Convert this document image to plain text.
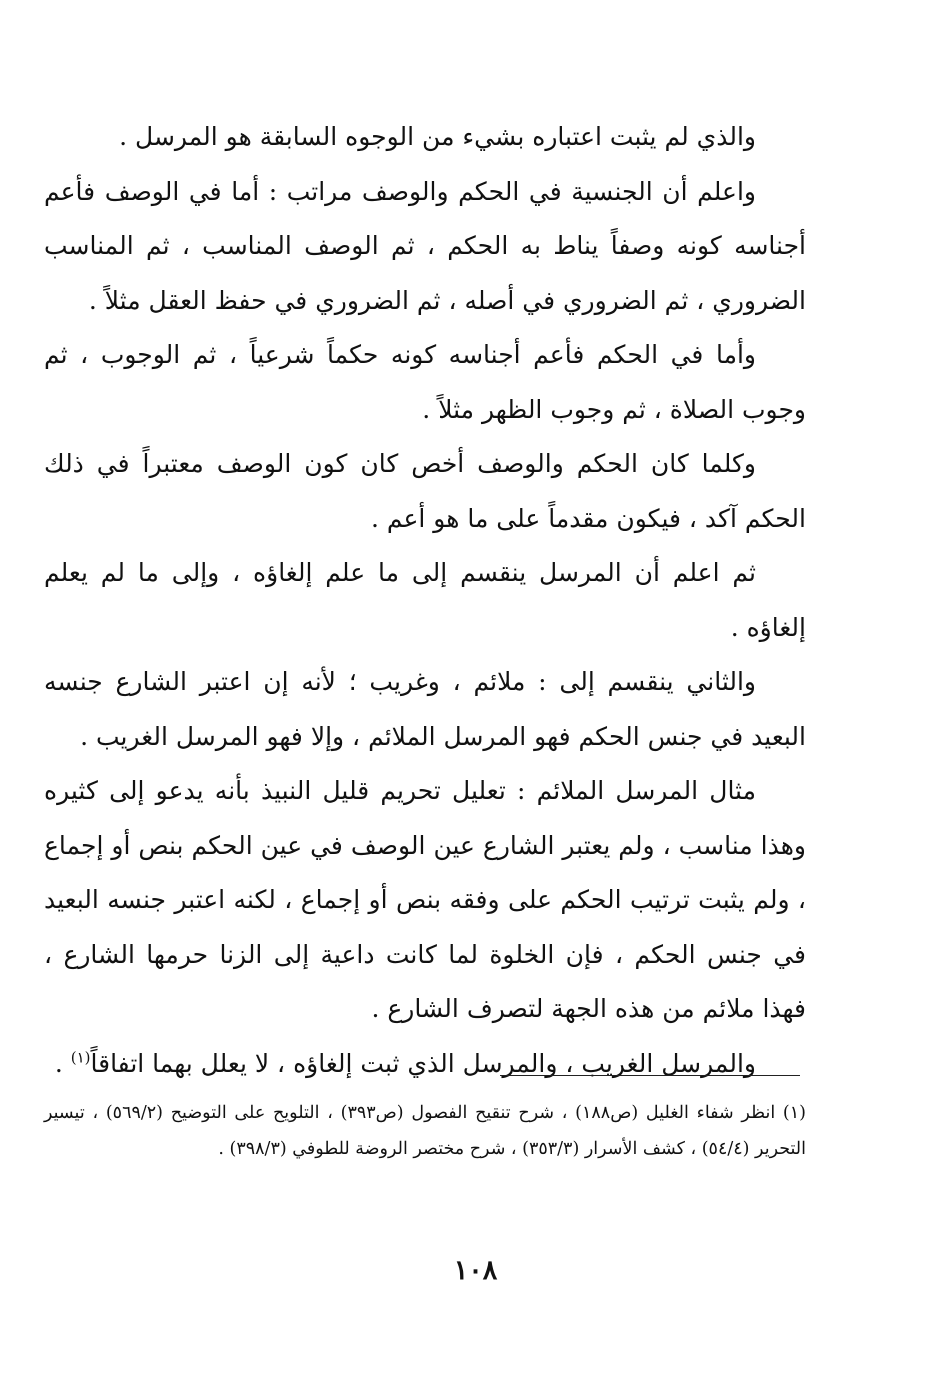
والذي لم يثبت اعتباره بشيء من الوجوه السابقة هو المرسل .

واعلم أن الجنسية في الحكم والوصف مراتب : أما في الوصف فأعم أجناسه كونه وصفاً يناط به الحكم ، ثم الوصف المناسب ، ثم المناسب الضروري ، ثم الضروري في أصله ، ثم الضروري في حفظ العقل مثلاً .

وأما في الحكم فأعم أجناسه كونه حكماً شرعياً ، ثم الوجوب ، ثم وجوب الصلاة ، ثم وجوب الظهر مثلاً .

وكلما كان الحكم والوصف أخص كان كون الوصف معتبراً في ذلك الحكم آكد ، فيكون مقدماً على ما هو أعم .

ثم اعلم أن المرسل ينقسم إلى ما علم إلغاؤه ، وإلى ما لم يعلم إلغاؤه .

والثاني ينقسم إلى : ملائم ، وغريب ؛ لأنه إن اعتبر الشارع جنسه البعيد في جنس الحكم فهو المرسل الملائم ، وإلا فهو المرسل الغريب .

مثال المرسل الملائم : تعليل تحريم قليل النبيذ بأنه يدعو إلى كثيره وهذا مناسب ، ولم يعتبر الشارع عين الوصف في عين الحكم بنص أو إجماع ، ولم يثبت ترتيب الحكم على وفقه بنص أو إجماع ، لكنه اعتبر جنسه البعيد في جنس الحكم ، فإن الخلوة لما كانت داعية إلى الزنا حرمها الشارع ، فهذا ملائم من هذه الجهة لتصرف الشارع .

والمرسل الغريب ، والمرسل الذي ثبت إلغاؤه ، لا يعلل بهما اتفاقاً$^{(١)}$ .

(١) انظر شفاء الغليل (ص١٨٨) ، شرح تنقيح الفصول (ص٣٩٣) ، التلويح على التوضيح (٥٦٩/٢) ، تيسير التحرير (٥٤/٤) ، كشف الأسرار (٣٥٣/٣) ، شرح مختصر الروضة للطوفي (٣٩٨/٣) .

١٠٨
